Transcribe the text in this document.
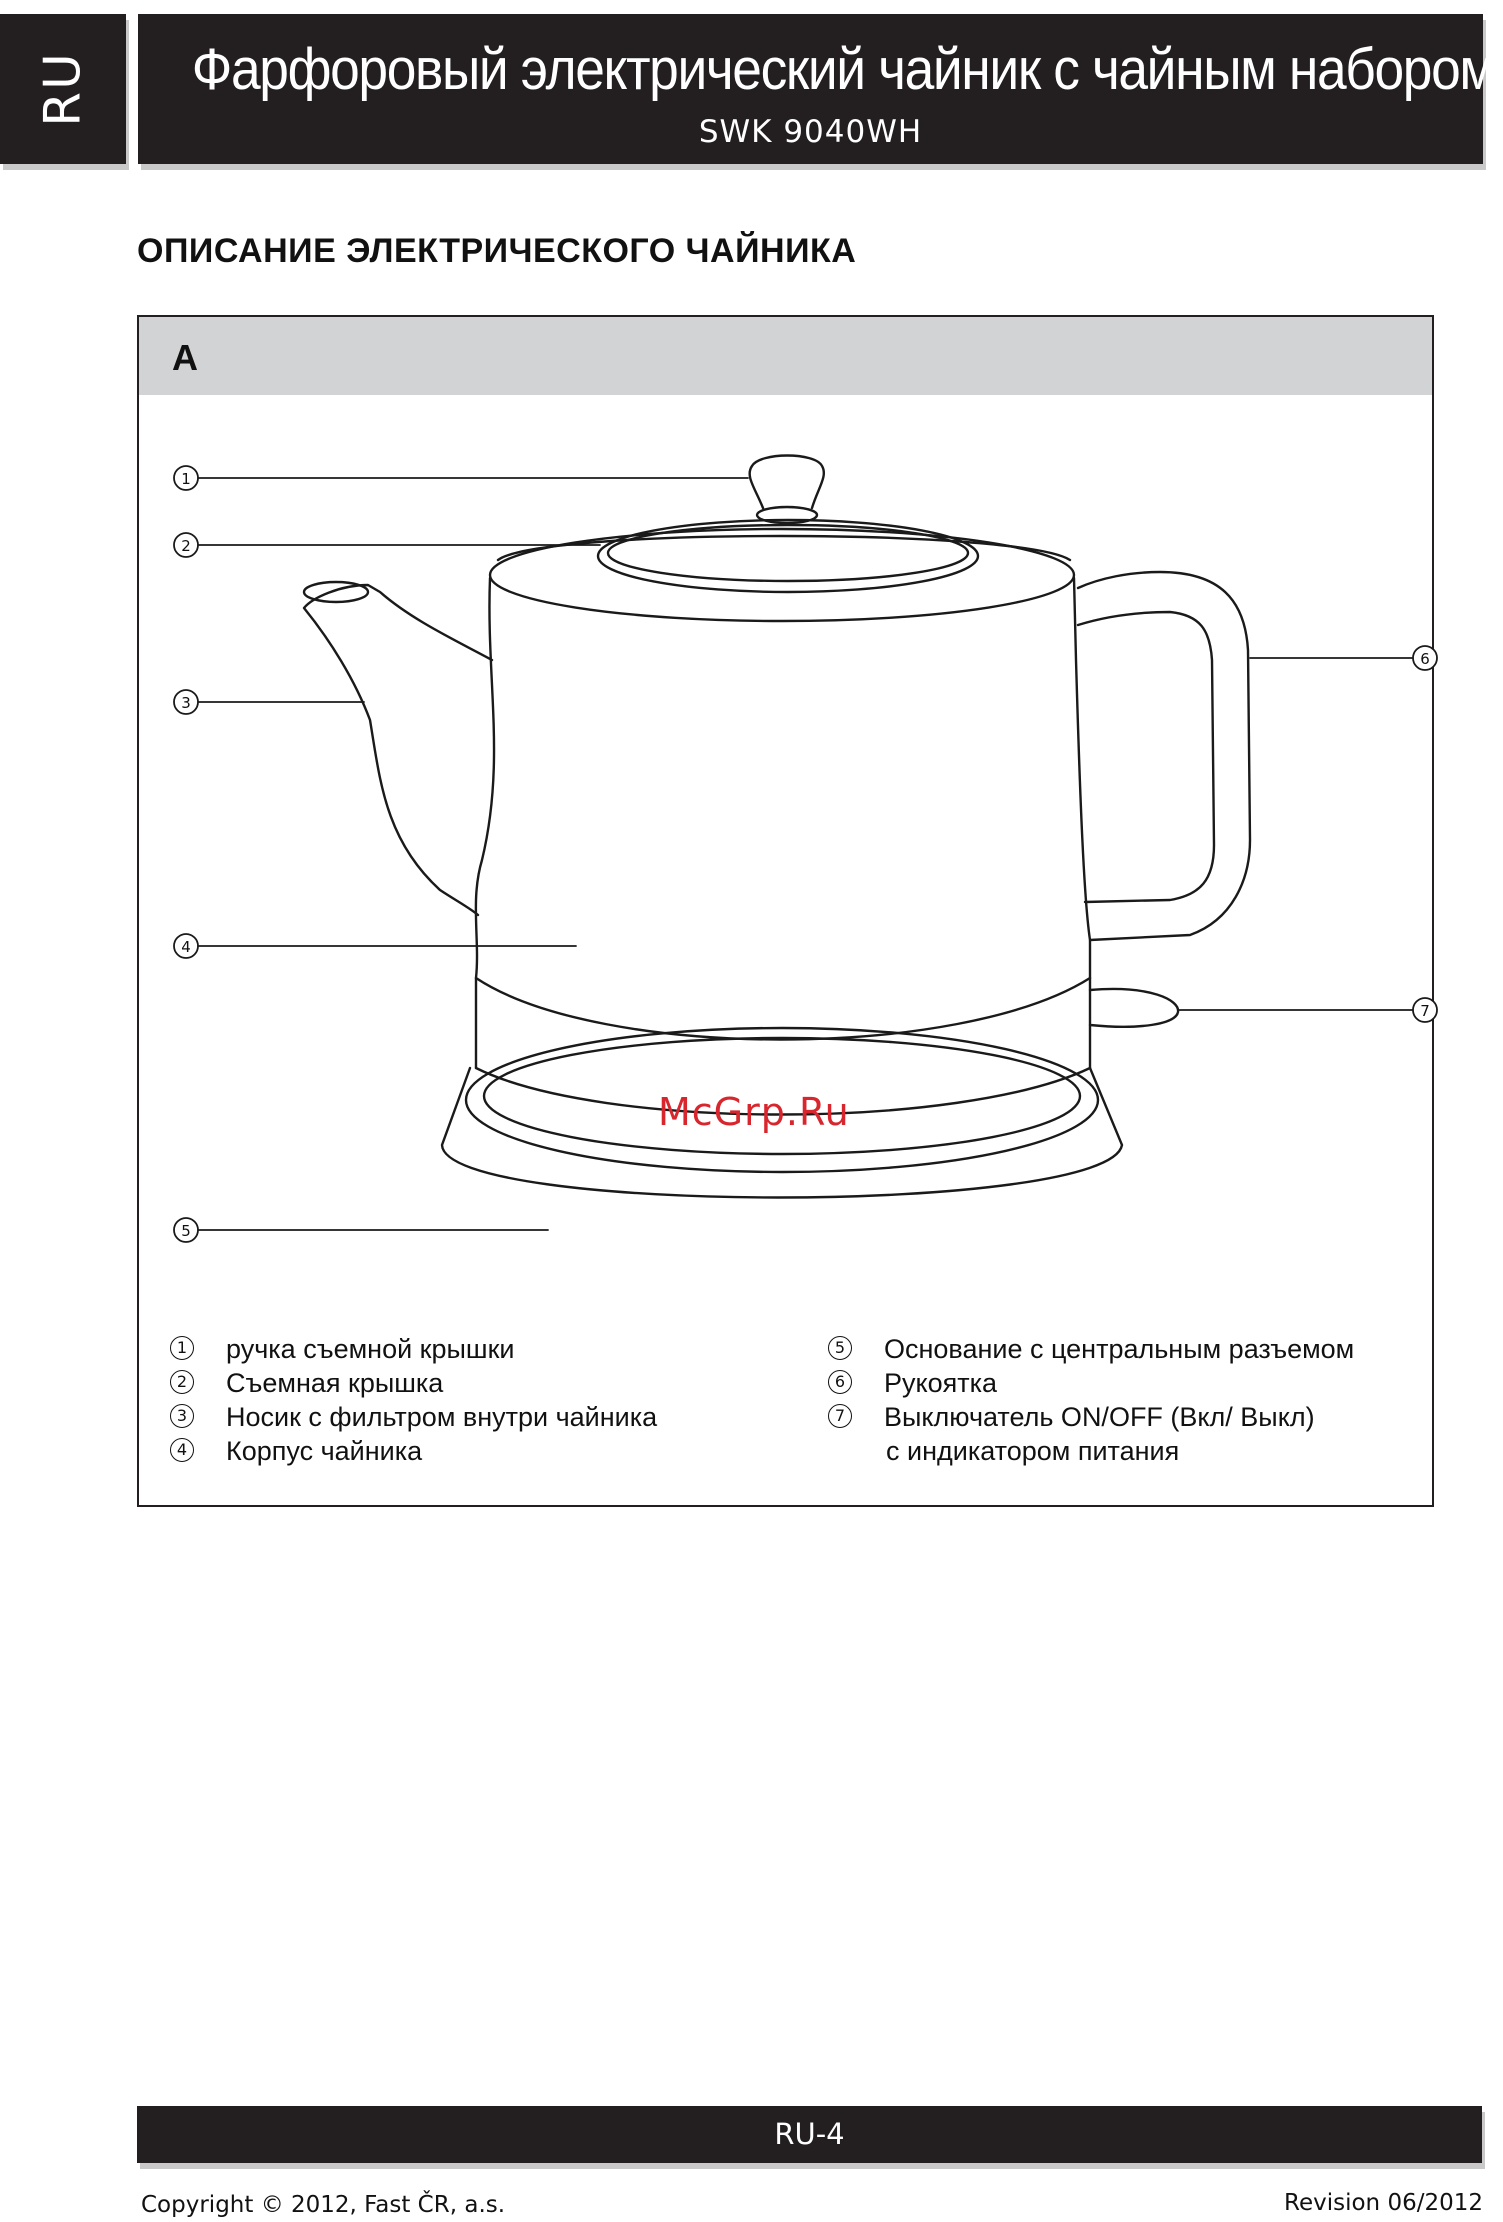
RU Фарфоровый электрический чайник с чайным набором
SWK 9040WH
ОПИСАНИЕ ЭЛЕКТРИЧЕСКОГО ЧАЙНИКА
A
1
2
3
4
5
6
7
McGrp.Ru
1 ручка съемной крышки
2 Съемная крышка
3 Носик с фильтром внутри чайника
4 Корпус чайника
5 Основание с центральным разъемом
6 Рукоятка
7 Выключатель ON/OFF (Вкл/ Выкл)
с индикатором питания
RU-4
Copyright © 2012, Fast ČR, a.s.	Revision 06/2012
